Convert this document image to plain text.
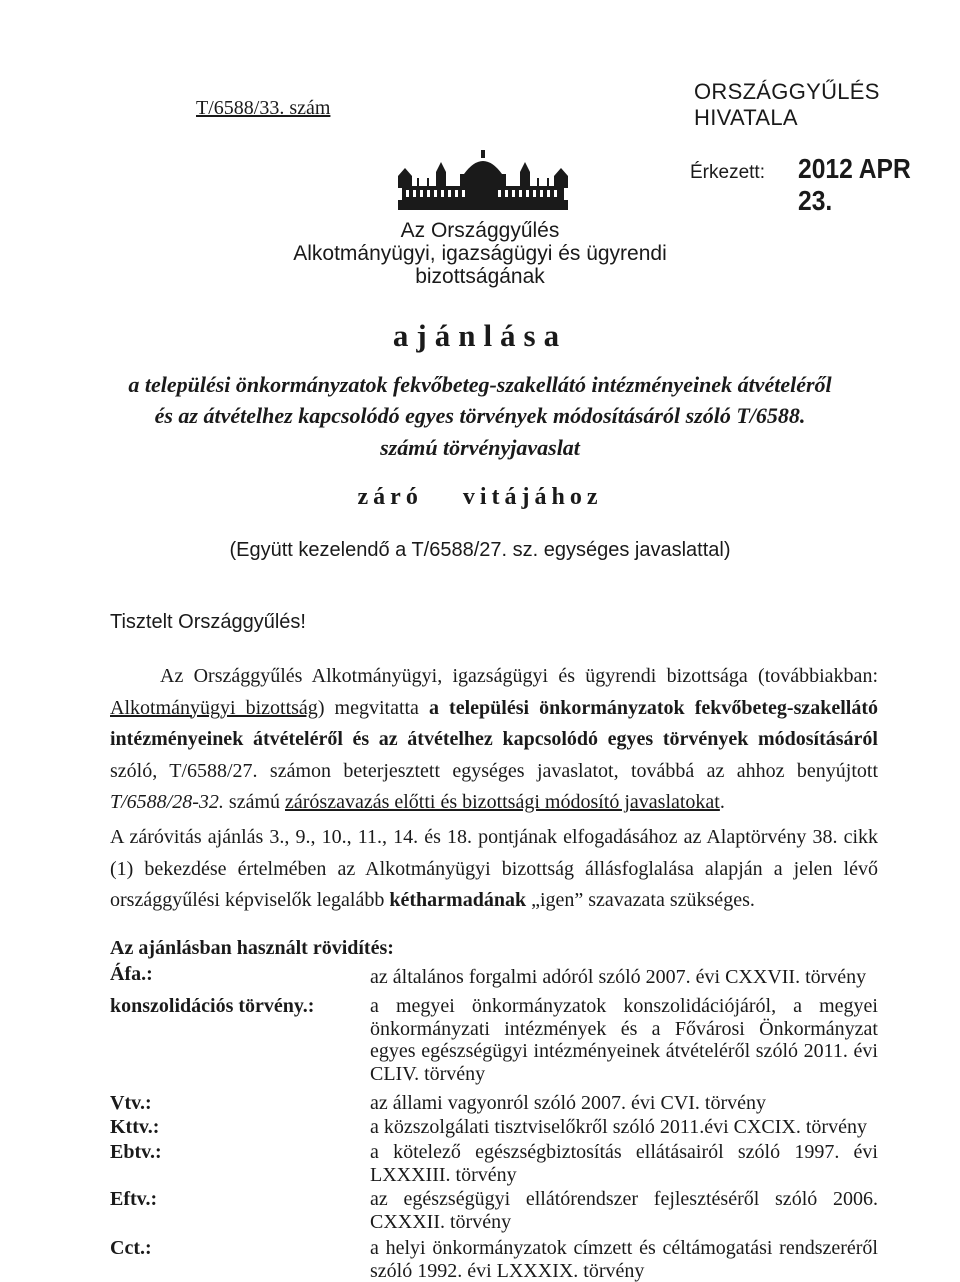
T/6588/33. szám
ORSZÁGGYŰLÉS HIVATALA
Érkezett: 2012 APR 23.
Az Országgyűlés
Alkotmányügyi, igazságügyi és ügyrendi
bizottságának
ajánlása
a települési önkormányzatok fekvőbeteg-szakellátó intézményeinek átvételéről
és az átvételhez kapcsolódó egyes törvények módosításáról szóló T/6588.
számú törvényjavaslat
záró vitájához
(Együtt kezelendő a T/6588/27. sz. egységes javaslattal)
Tisztelt Országgyűlés!
Az Országgyűlés Alkotmányügyi, igazságügyi és ügyrendi bizottsága (továbbiakban: Alkotmányügyi bizottság) megvitatta a települési önkormányzatok fekvőbeteg-szakellátó intézményeinek átvételéről és az átvételhez kapcsolódó egyes törvények módosításáról szóló, T/6588/27. számon beterjesztett egységes javaslatot, továbbá az ahhoz benyújtott T/6588/28-32. számú zárószavazás előtti és bizottsági módosító javaslatokat.
A záróvitás ajánlás 3., 9., 10., 11., 14. és 18. pontjának elfogadásához az Alaptörvény 38. cikk (1) bekezdése értelmében az Alkotmányügyi bizottság állásfoglalása alapján a jelen lévő országgyűlési képviselők legalább kétharmadának „igen” szavazata szükséges.
Az ajánlásban használt rövidítés:
Áfa.:	az általános forgalmi adóról szóló 2007. évi CXXVII. törvény
konszolidációs törvény.:	a megyei önkormányzatok konszolidációjáról, a megyei önkormányzati intézmények és a Fővárosi Önkormányzat egyes egészségügyi intézményeinek átvételéről szóló 2011. évi CLIV. törvény
Vtv.:	az állami vagyonról szóló 2007. évi CVI. törvény
Kttv.:	a közszolgálati tisztviselőkről szóló 2011.évi CXCIX. törvény
Ebtv.:	a kötelező egészségbiztosítás ellátásairól szóló 1997. évi LXXXIII. törvény
Eftv.:	az egészségügyi ellátórendszer fejlesztéséről szóló 2006. CXXXII. törvény
Cct.:	a helyi önkormányzatok címzett és céltámogatási rendszeréről szóló 1992. évi LXXXIX. törvény
